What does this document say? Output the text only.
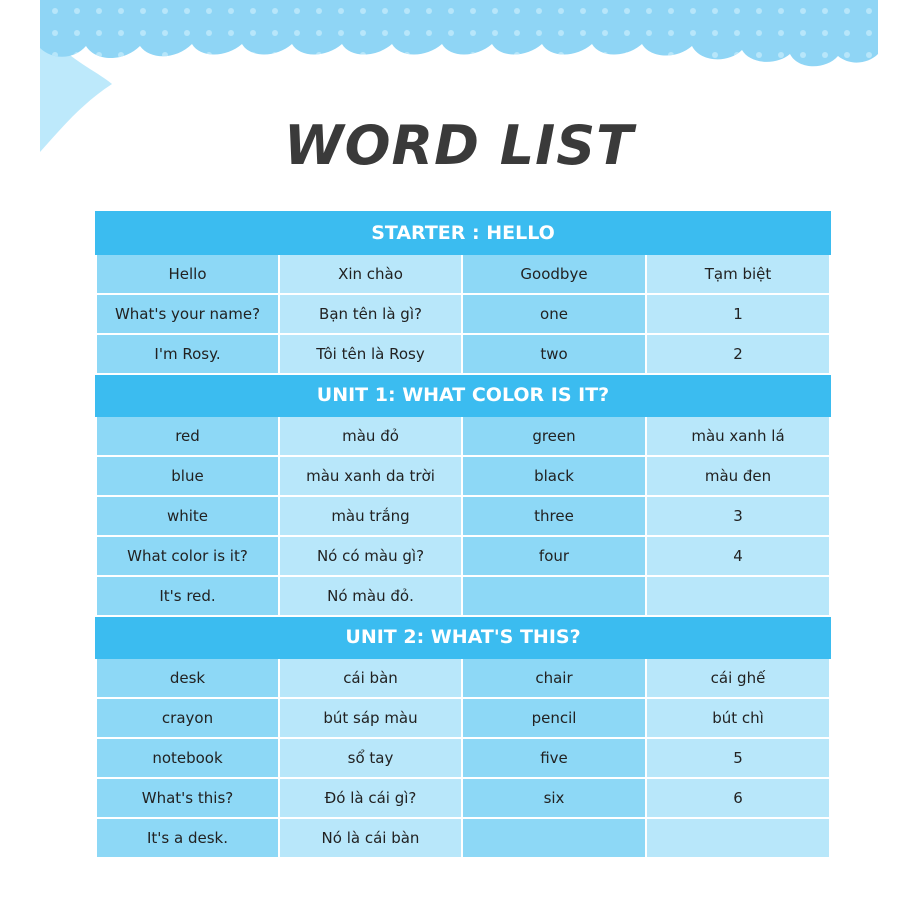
WORD LIST
STARTER : HELLO			
Hello	Xin chào	Goodbye	Tạm biệt
What's your name?	Bạn tên là gì?	one	1
I'm Rosy.	Tôi tên là Rosy	two	2
UNIT 1: WHAT COLOR IS IT?			
red	màu đỏ	green	màu xanh lá
blue	màu xanh da trời	black	màu đen
white	màu trắng	three	3
What color is it?	Nó có màu gì?	four	4
It's red.	Nó màu đỏ.		
UNIT 2: WHAT'S THIS?			
desk	cái bàn	chair	cái ghế
crayon	bút sáp màu	pencil	bút chì
notebook	sổ tay	five	5
What's this?	Đó là cái gì?	six	6
It's a desk.	Nó là cái bàn		
